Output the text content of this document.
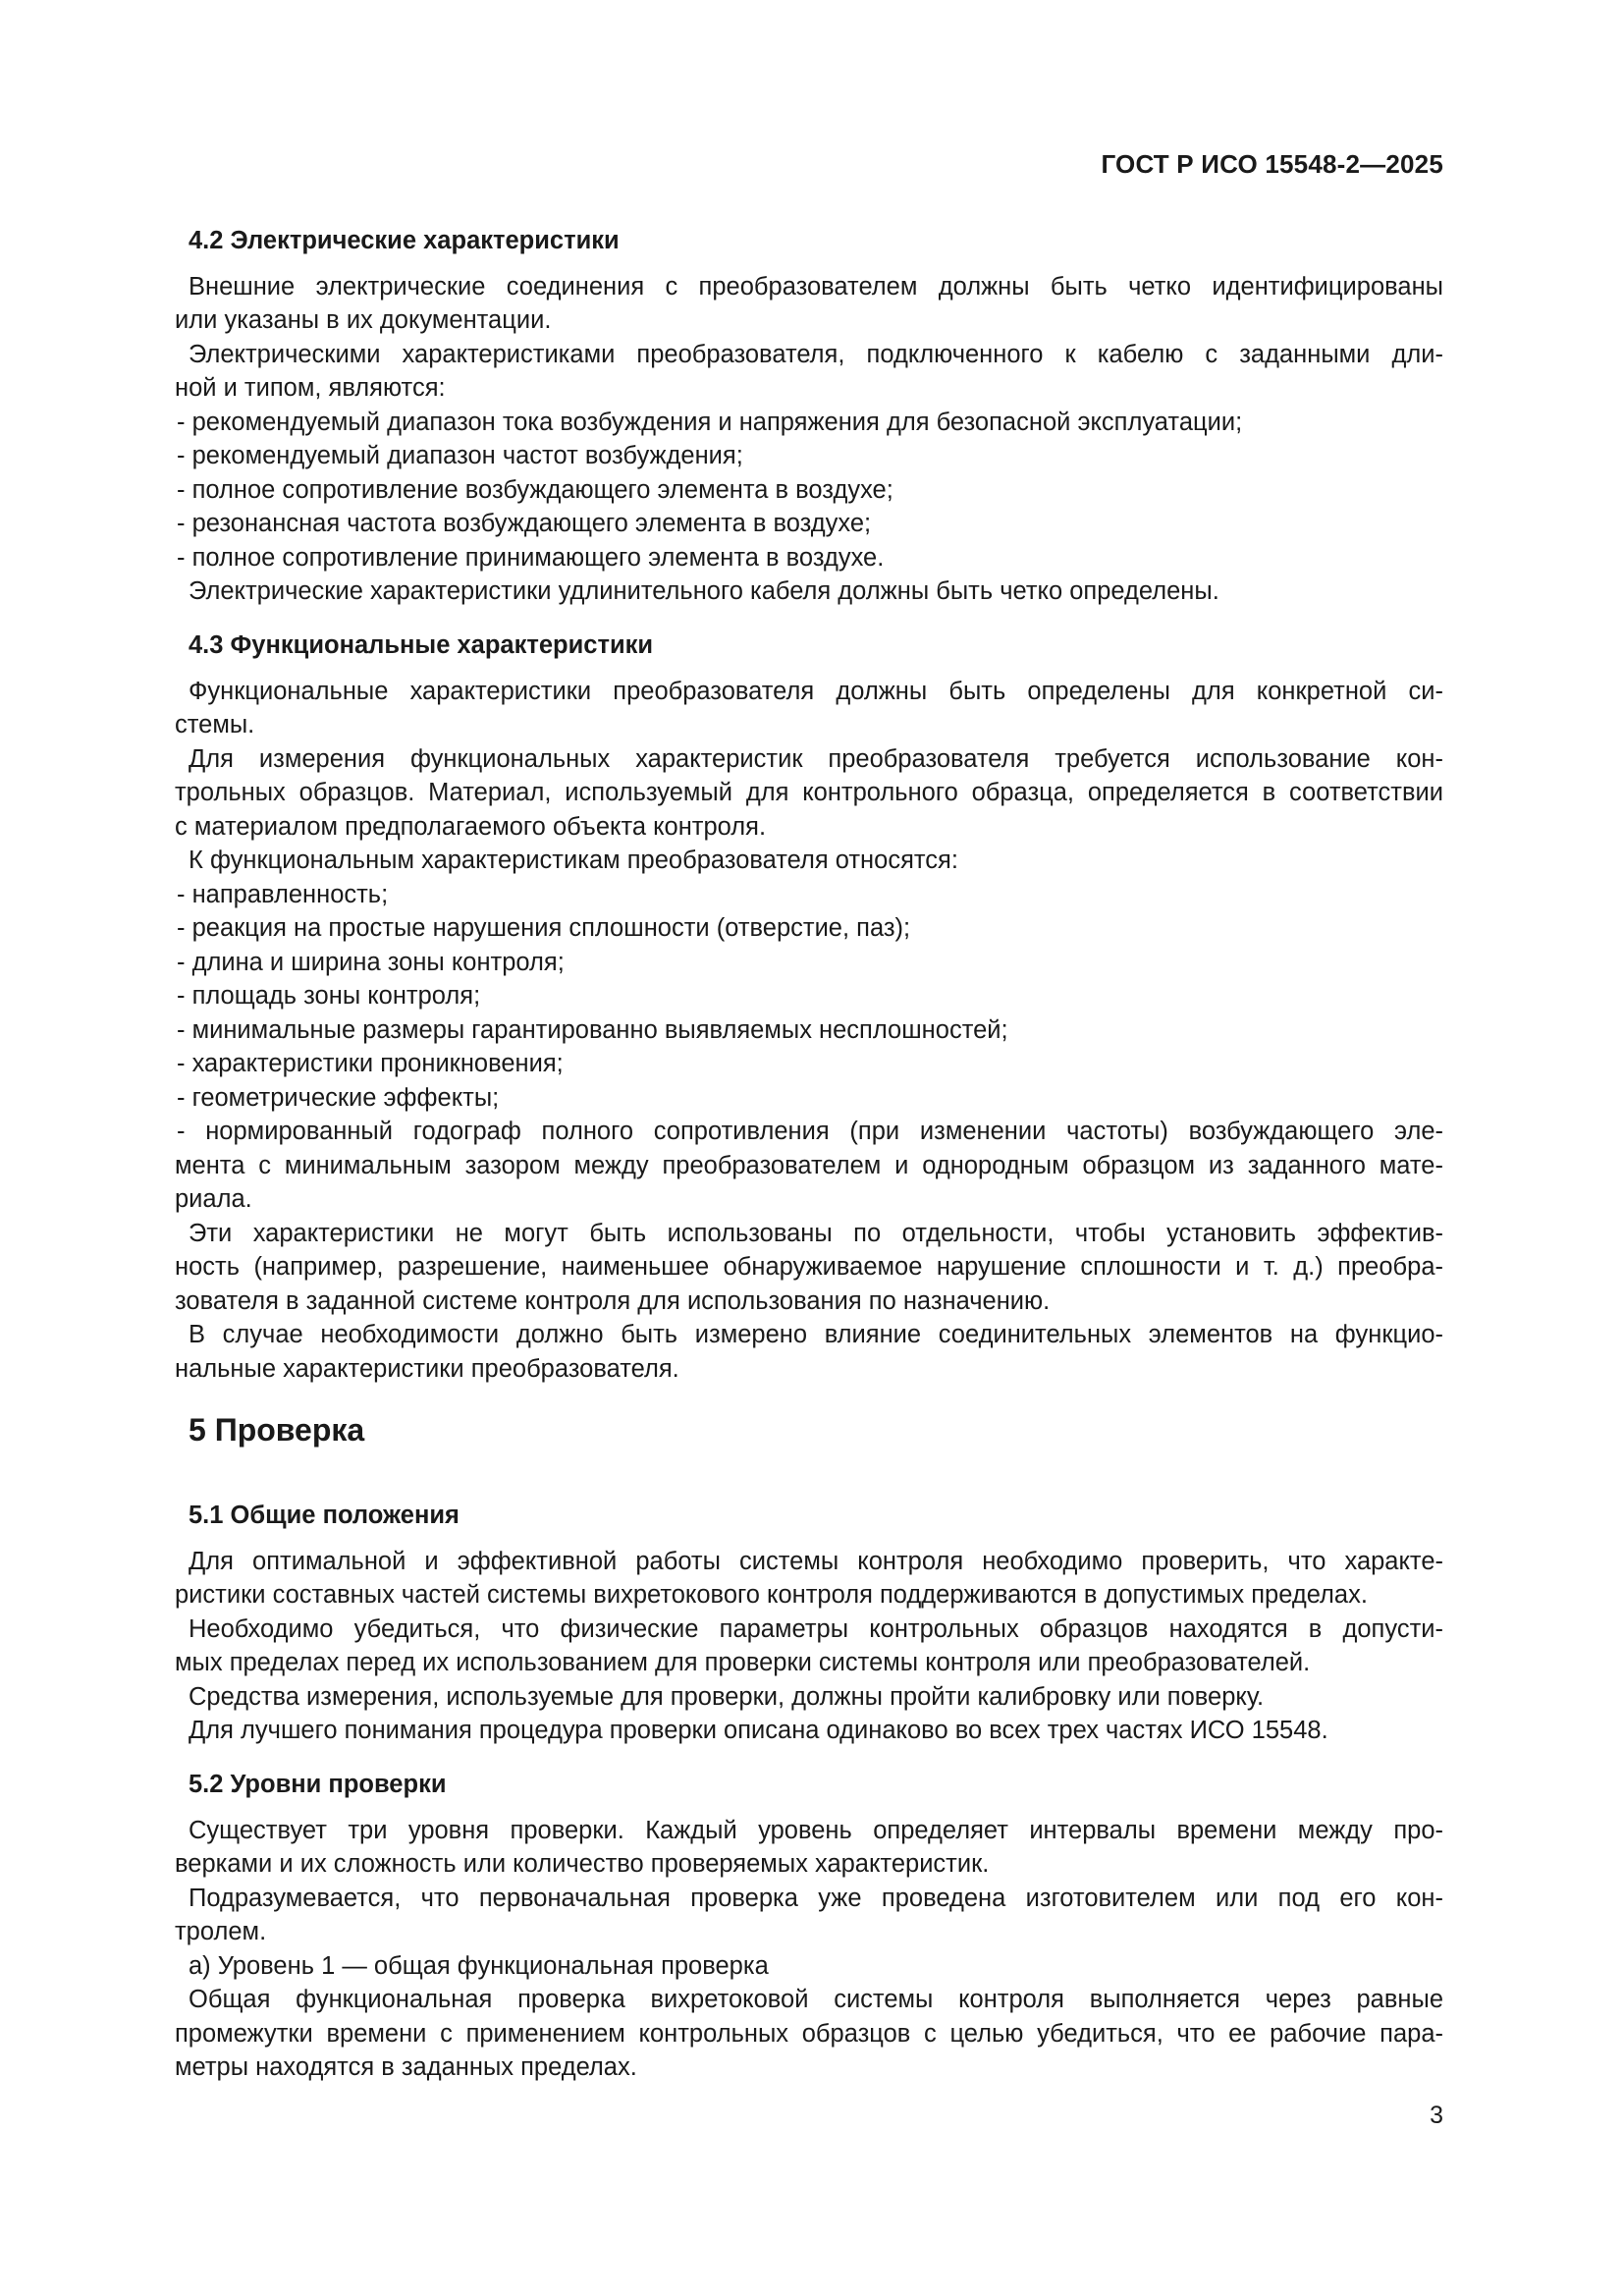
ГОСТ Р ИСО 15548-2—2025
4.2 Электрические характеристики
Внешние электрические соединения с преобразователем должны быть четко идентифицированы
или указаны в их документации.
Электрическими характеристиками преобразователя, подключенного к кабелю с заданными дли-
ной и типом, являются:
- рекомендуемый диапазон тока возбуждения и напряжения для безопасной эксплуатации;
- рекомендуемый диапазон частот возбуждения;
- полное сопротивление возбуждающего элемента в воздухе;
- резонансная частота возбуждающего элемента в воздухе;
- полное сопротивление принимающего элемента в воздухе.
Электрические характеристики удлинительного кабеля должны быть четко определены.
4.3 Функциональные характеристики
Функциональные характеристики преобразователя должны быть определены для конкретной си-
стемы.
Для измерения функциональных характеристик преобразователя требуется использование кон-
трольных образцов. Материал, используемый для контрольного образца, определяется в соответствии
с материалом предполагаемого объекта контроля.
К функциональным характеристикам преобразователя относятся:
- направленность;
- реакция на простые нарушения сплошности (отверстие, паз);
- длина и ширина зоны контроля;
- площадь зоны контроля;
- минимальные размеры гарантированно выявляемых несплошностей;
- характеристики проникновения;
- геометрические эффекты;
- нормированный годограф полного сопротивления (при изменении частоты) возбуждающего эле-
мента с минимальным зазором между преобразователем и однородным образцом из заданного мате-
риала.
Эти характеристики не могут быть использованы по отдельности, чтобы установить эффектив-
ность (например, разрешение, наименьшее обнаруживаемое нарушение сплошности и т. д.) преобра-
зователя в заданной системе контроля для использования по назначению.
В случае необходимости должно быть измерено влияние соединительных элементов на функцио-
нальные характеристики преобразователя.
5 Проверка
5.1 Общие положения
Для оптимальной и эффективной работы системы контроля необходимо проверить, что характе-
ристики составных частей системы вихретокового контроля поддерживаются в допустимых пределах.
Необходимо убедиться, что физические параметры контрольных образцов находятся в допусти-
мых пределах перед их использованием для проверки системы контроля или преобразователей.
Средства измерения, используемые для проверки, должны пройти калибровку или поверку.
Для лучшего понимания процедура проверки описана одинаково во всех трех частях ИСО 15548.
5.2 Уровни проверки
Существует три уровня проверки. Каждый уровень определяет интервалы времени между про-
верками и их сложность или количество проверяемых характеристик.
Подразумевается, что первоначальная проверка уже проведена изготовителем или под его кон-
тролем.
а) Уровень 1 — общая функциональная проверка
Общая функциональная проверка вихретоковой системы контроля выполняется через равные
промежутки времени с применением контрольных образцов с целью убедиться, что ее рабочие пара-
метры находятся в заданных пределах.
3
